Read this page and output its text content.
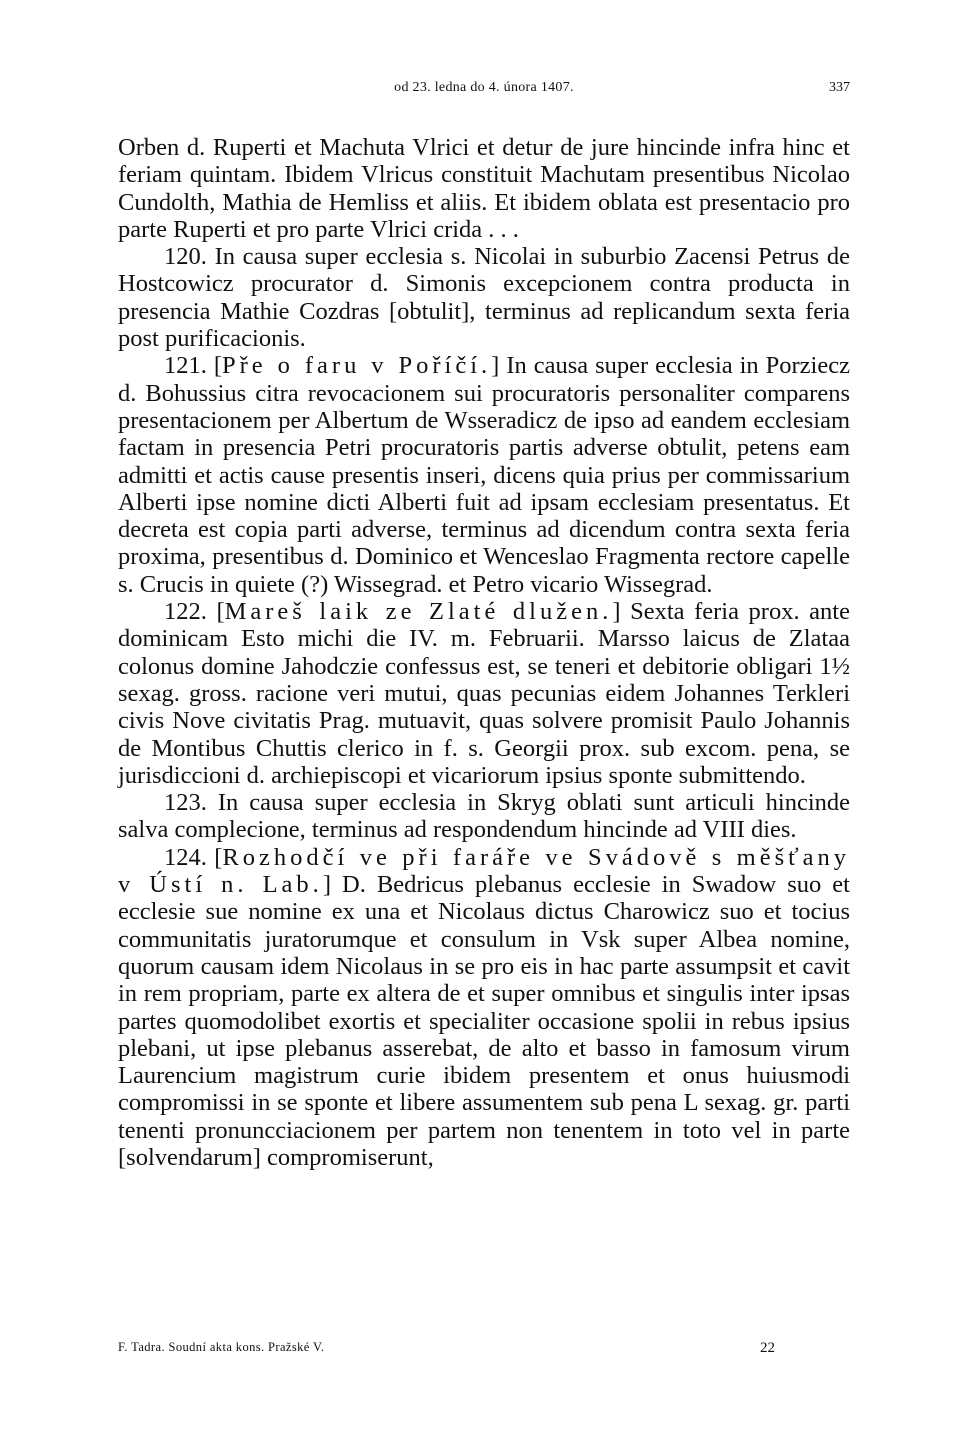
od 23. ledna do 4. února 1407.	337

Orben d. Ruperti et Machuta Vlrici et detur de jure hincinde infra hinc et feriam quintam. Ibidem Vlricus constituit Machutam presentibus Nicolao Cundolth, Mathia de Hemliss et aliis. Et ibidem oblata est presentacio pro parte Ruperti et pro parte Vlrici crida . . .

120. In causa super ecclesia s. Nicolai in suburbio Zacensi Petrus de Hostcowicz procurator d. Simonis excepcionem contra producta in presencia Mathie Cozdras [obtulit], terminus ad replicandum sexta feria post purificacionis.

121. [Pře o faru v Poříčí.] In causa super ecclesia in Porziecz d. Bohussius citra revocacionem sui procuratoris personaliter comparens presentacionem per Albertum de Wsseradicz de ipso ad eandem ecclesiam factam in presencia Petri procuratoris partis adverse obtulit, petens eam admitti et actis cause presentis inseri, dicens quia prius per commissarium Alberti ipse nomine dicti Alberti fuit ad ipsam ecclesiam presentatus. Et decreta est copia parti adverse, terminus ad dicendum contra sexta feria proxima, presentibus d. Dominico et Wenceslao Fragmenta rectore capelle s. Crucis in quiete (?) Wissegrad. et Petro vicario Wissegrad.

122. [Mareš laik ze Zlaté dlužen.] Sexta feria prox. ante dominicam Esto michi die IV. m. Februarii. Marsso laicus de Zlataa colonus domine Jahodczie confessus est, se teneri et debitorie obligari 1½ sexag. gross. racione veri mutui, quas pecunias eidem Johannes Terkleri civis Nove civitatis Prag. mutuavit, quas solvere promisit Paulo Johannis de Montibus Chuttis clerico in f. s. Georgii prox. sub excom. pena, se jurisdiccioni d. archiepiscopi et vicariorum ipsius sponte submittendo.

123. In causa super ecclesia in Skryg oblati sunt articuli hincinde salva complecione, terminus ad respondendum hincinde ad VIII dies.

124. [Rozhodčí ve při faráře ve Svádově s měšťany v Ústí n. Lab.] D. Bedricus plebanus ecclesie in Swadow suo et ecclesie sue nomine ex una et Nicolaus dictus Charowicz suo et tocius communitatis juratorumque et consulum in Vsk super Albea nomine, quorum causam idem Nicolaus in se pro eis in hac parte assumpsit et cavit in rem propriam, parte ex altera de et super omnibus et singulis inter ipsas partes quomodolibet exortis et specialiter occasione spolii in rebus ipsius plebani, ut ipse plebanus asserebat, de alto et basso in famosum virum Laurencium magistrum curie ibidem presentem et onus huiusmodi compromissi in se sponte et libere assumentem sub pena L sexag. gr. parti tenenti pronuncciacionem per partem non tenentem in toto vel in parte [solvendarum] compromiserunt,

F. Tadra. Soudní akta kons. Pražské V.	22
